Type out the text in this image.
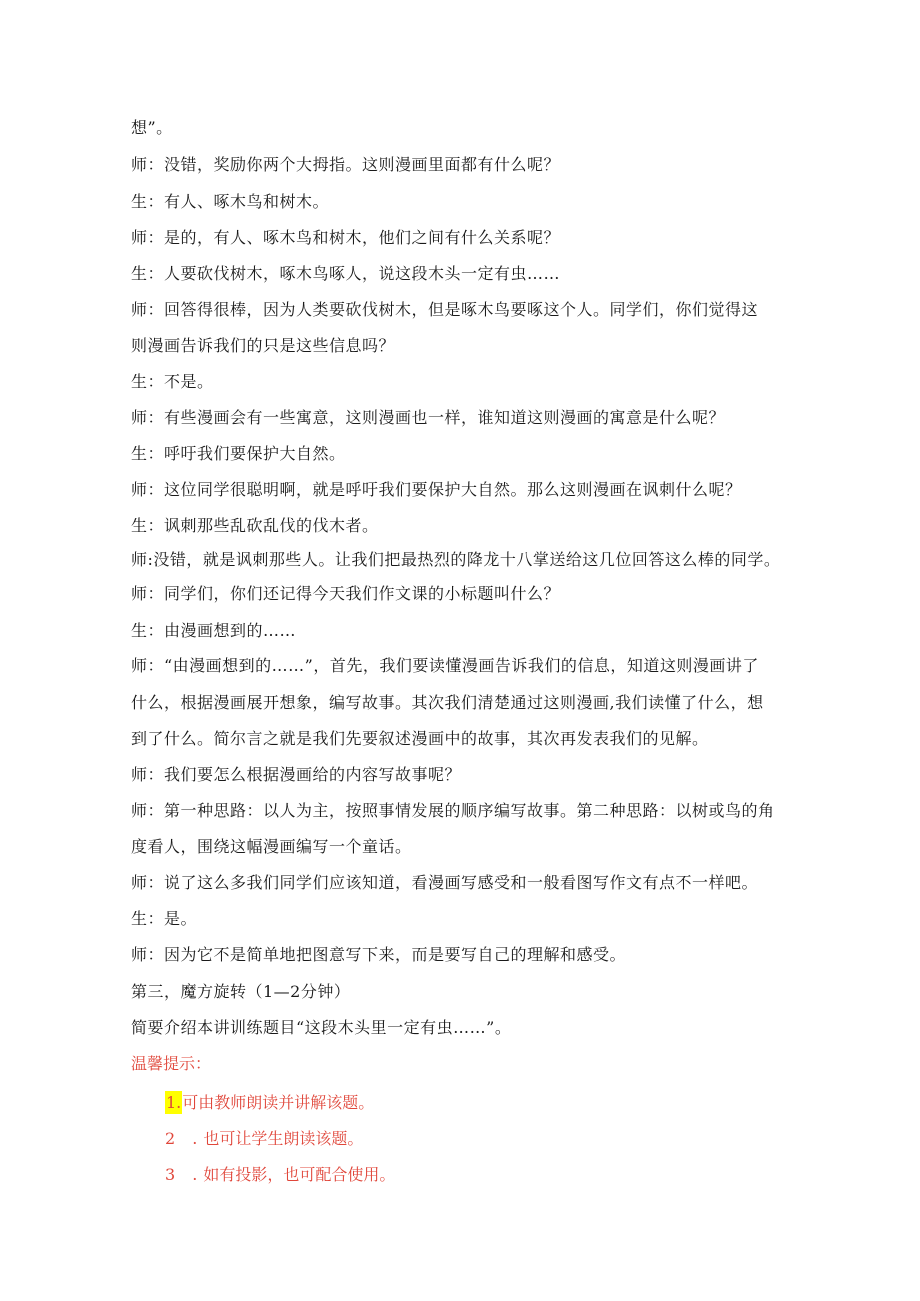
想”。
师：没错，奖励你两个大拇指。这则漫画里面都有什么呢？
生：有人、啄木鸟和树木。
师：是的，有人、啄木鸟和树木，他们之间有什么关系呢？
生：人要砍伐树木，啄木鸟啄人，说这段木头一定有虫……
师：回答得很棒，因为人类要砍伐树木，但是啄木鸟要啄这个人。同学们，你们觉得这
则漫画告诉我们的只是这些信息吗？
生：不是。
师：有些漫画会有一些寓意，这则漫画也一样，谁知道这则漫画的寓意是什么呢？
生：呼吁我们要保护大自然。
师：这位同学很聪明啊，就是呼吁我们要保护大自然。那么这则漫画在讽刺什么呢？
生：讽刺那些乱砍乱伐的伐木者。
师:没错，就是讽刺那些人。让我们把最热烈的降龙十八掌送给这几位回答这么棒的同学。
师：同学们，你们还记得今天我们作文课的小标题叫什么？
生：由漫画想到的……
师：“由漫画想到的……”，首先，我们要读懂漫画告诉我们的信息，知道这则漫画讲了
什么，根据漫画展开想象，编写故事。其次我们清楚通过这则漫画,我们读懂了什么，想
到了什么。简尔言之就是我们先要叙述漫画中的故事，其次再发表我们的见解。
师：我们要怎么根据漫画给的内容写故事呢？
师：第一种思路：以人为主，按照事情发展的顺序编写故事。第二种思路：以树或鸟的角
度看人，围绕这幅漫画编写一个童话。
师：说了这么多我们同学们应该知道，看漫画写感受和一般看图写作文有点不一样吧。
生：是。
师：因为它不是简单地把图意写下来，而是要写自己的理解和感受。
第三，魔方旋转（1—2分钟）
简要介绍本讲训练题目“这段木头里一定有虫……”。
温馨提示：
1.可由教师朗读并讲解该题。
2 .也可让学生朗读该题。
3 .如有投影，也可配合使用。
